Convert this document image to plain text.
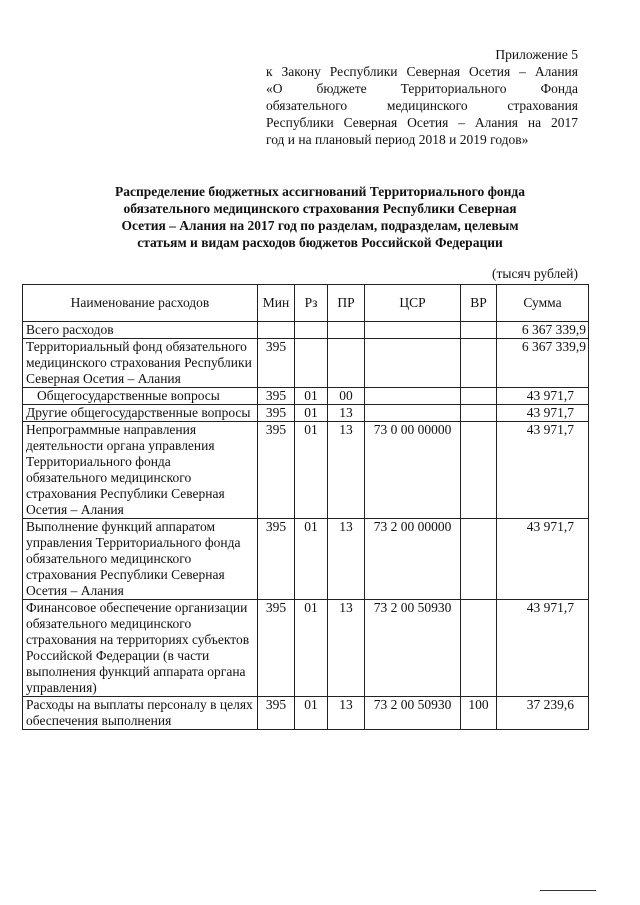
Приложение 5
к Закону Республики Северная Осетия – Алания
«О бюджете Территориального Фонда
обязательного медицинского страхования
Республики Северная Осетия – Алания на 2017
год и на плановый период 2018 и 2019 годов»
Распределение бюджетных ассигнований Территориального фонда
обязательного медицинского страхования Республики Северная
Осетия – Алания на 2017 год по разделам, подразделам, целевым
статьям и видам расходов бюджетов Российской Федерации
(тысяч рублей)
Наименование расходов	Мин	Рз	ПР	ЦСР	ВР	Сумма
Всего расходов						6 367 339,9
Территориальный фонд обязательного медицинского страхования Республики Северная Осетия – Алания	395					6 367 339,9
Общегосударственные вопросы	395	01	00			43 971,7
Другие общегосударственные вопросы	395	01	13			43 971,7
Непрограммные направления деятельности органа управления Территориального фонда обязательного медицинского страхования Республики Северная Осетия – Алания	395	01	13	73 0 00 00000		43 971,7
Выполнение функций аппаратом управления Территориального фонда обязательного медицинского страхования Республики Северная Осетия – Алания	395	01	13	73 2 00 00000		43 971,7
Финансовое обеспечение организации обязательного медицинского страхования на территориях субъектов Российской Федерации (в части выполнения функций аппарата органа управления)	395	01	13	73 2 00 50930		43 971,7
Расходы на выплаты персоналу в целях обеспечения выполнения	395	01	13	73 2 00 50930	100	37 239,6
